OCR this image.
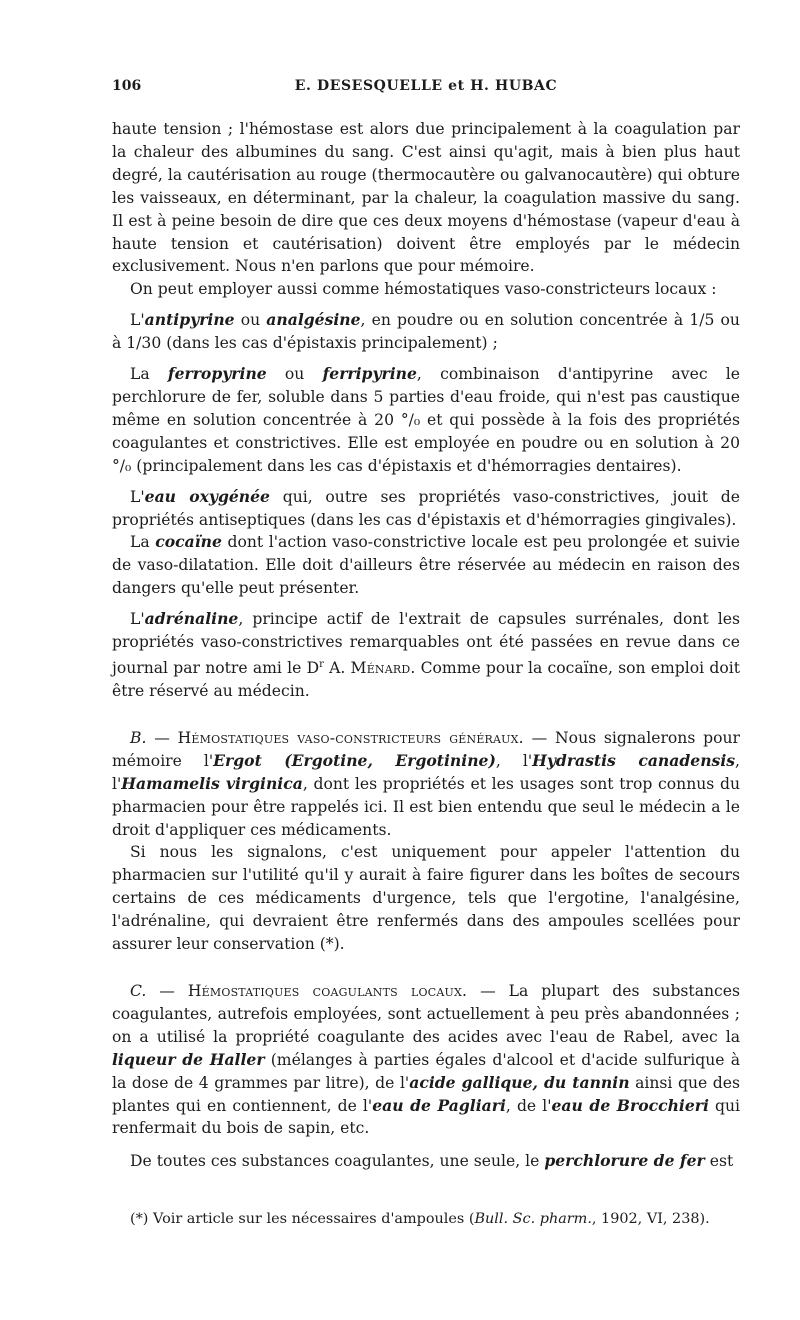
106	E. DESESQUELLE et H. HUBAC

haute tension ; l'hémostase est alors due principalement à la coagulation par la chaleur des albumines du sang. C'est ainsi qu'agit, mais à bien plus haut degré, la cautérisation au rouge (thermocautère ou galvanocautère) qui obture les vaisseaux, en déterminant, par la chaleur, la coagulation massive du sang. Il est à peine besoin de dire que ces deux moyens d'hémostase (vapeur d'eau à haute tension et cautérisation) doivent être employés par le médecin exclusivement. Nous n'en parlons que pour mémoire.

On peut employer aussi comme hémostatiques vaso-constricteurs locaux :

L'antipyrine ou analgésine, en poudre ou en solution concentrée à 1/5 ou à 1/30 (dans les cas d'épistaxis principalement) ;

La ferropyrine ou ferripyrine, combinaison d'antipyrine avec le perchlorure de fer, soluble dans 5 parties d'eau froide, qui n'est pas caustique même en solution concentrée à 20 °/₀ et qui possède à la fois des propriétés coagulantes et constrictives. Elle est employée en poudre ou en solution à 20 °/₀ (principalement dans les cas d'épistaxis et d'hémorragies dentaires).

L'eau oxygénée qui, outre ses propriétés vaso-constrictives, jouit de propriétés antiseptiques (dans les cas d'épistaxis et d'hémorragies gingivales).

La cocaïne dont l'action vaso-constrictive locale est peu prolongée et suivie de vaso-dilatation. Elle doit d'ailleurs être réservée au médecin en raison des dangers qu'elle peut présenter.

L'adrénaline, principe actif de l'extrait de capsules surrénales, dont les propriétés vaso-constrictives remarquables ont été passées en revue dans ce journal par notre ami le $D^r$ A. Ménard. Comme pour la cocaïne, son emploi doit être réservé au médecin.

B. — Hémostatiques vaso-constricteurs généraux. — Nous signalerons pour mémoire l'Ergot (Ergotine, Ergotinine), l'Hydrastis canadensis, l'Hamamelis virginica, dont les propriétés et les usages sont trop connus du pharmacien pour être rappelés ici. Il est bien entendu que seul le médecin a le droit d'appliquer ces médicaments.

Si nous les signalons, c'est uniquement pour appeler l'attention du pharmacien sur l'utilité qu'il y aurait à faire figurer dans les boîtes de secours certains de ces médicaments d'urgence, tels que l'ergotine, l'analgésine, l'adrénaline, qui devraient être renfermés dans des ampoules scellées pour assurer leur conservation (*).

C. — Hémostatiques coagulants locaux. — La plupart des substances coagulantes, autrefois employées, sont actuellement à peu près abandonnées ; on a utilisé la propriété coagulante des acides avec l'eau de Rabel, avec la liqueur de Haller (mélanges à parties égales d'alcool et d'acide sulfurique à la dose de 4 grammes par litre), de l'acide gallique, du tannin ainsi que des plantes qui en contiennent, de l'eau de Pagliari, de l'eau de Brocchieri qui renfermait du bois de sapin, etc.

De toutes ces substances coagulantes, une seule, le perchlorure de fer est

(*) Voir article sur les nécessaires d'ampoules (Bull. Sc. pharm., 1902, VI, 238).
